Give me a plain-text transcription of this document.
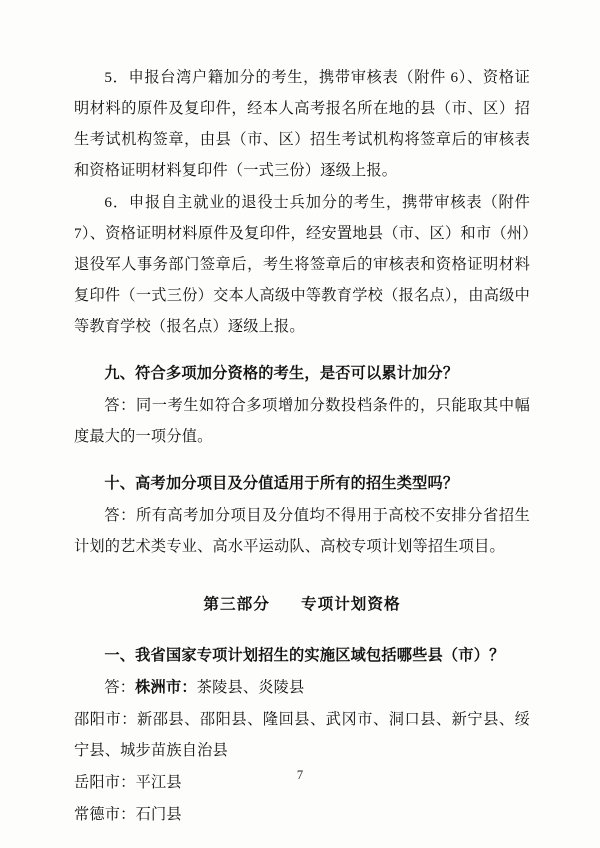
5．申报台湾户籍加分的考生，携带审核表（附件 6）、资格证明材料的原件及复印件，经本人高考报名所在地的县（市、区）招生考试机构签章，由县（市、区）招生考试机构将签章后的审核表和资格证明材料复印件（一式三份）逐级上报。

6．申报自主就业的退役士兵加分的考生，携带审核表（附件 7）、资格证明材料原件及复印件，经安置地县（市、区）和市（州）退役军人事务部门签章后，考生将签章后的审核表和资格证明材料复印件（一式三份）交本人高级中等教育学校（报名点），由高级中等教育学校（报名点）逐级上报。

九、符合多项加分资格的考生，是否可以累计加分？

答：同一考生如符合多项增加分数投档条件的，只能取其中幅度最大的一项分值。

十、高考加分项目及分值适用于所有的招生类型吗？

答：所有高考加分项目及分值均不得用于高校不安排分省招生计划的艺术类专业、高水平运动队、高校专项计划等招生项目。

第三部分 专项计划资格

一、我省国家专项计划招生的实施区域包括哪些县（市）？

答：株洲市：茶陵县、炎陵县

邵阳市：新邵县、邵阳县、隆回县、武冈市、洞口县、新宁县、绥宁县、城步苗族自治县

岳阳市：平江县

常德市：石门县

7
